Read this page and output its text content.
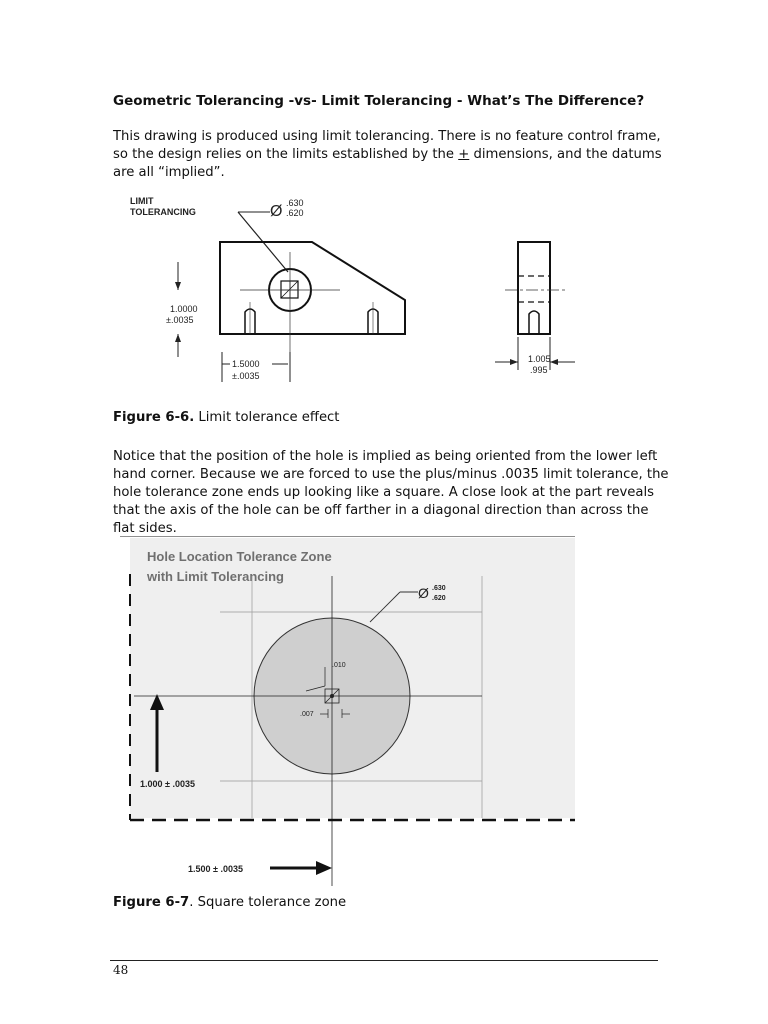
Geometric Tolerancing -vs- Limit Tolerancing - What’s The Difference?
This drawing is produced using limit tolerancing. There is no feature control frame, so the design relies on the limits established by the + dimensions, and the datums are all “implied”.
LIMIT
TOLERANCING	Ø .630
.620
1.0000
±.0035
1.5000
±.0035
1.005
.995
Figure 6-6. Limit tolerance effect
Notice that the position of the hole is implied as being oriented from the lower left hand corner. Because we are forced to use the plus/minus .0035 limit tolerance, the hole tolerance zone ends up looking like a square. A close look at the part reveals that the axis of the hole can be off farther in a diagonal direction than across the flat sides.
Hole Location Tolerance Zone
with Limit Tolerancing
Ø .630
.620
.010
.007
1.000 ± .0035
1.500 ± .0035
Figure 6-7. Square tolerance zone
48
